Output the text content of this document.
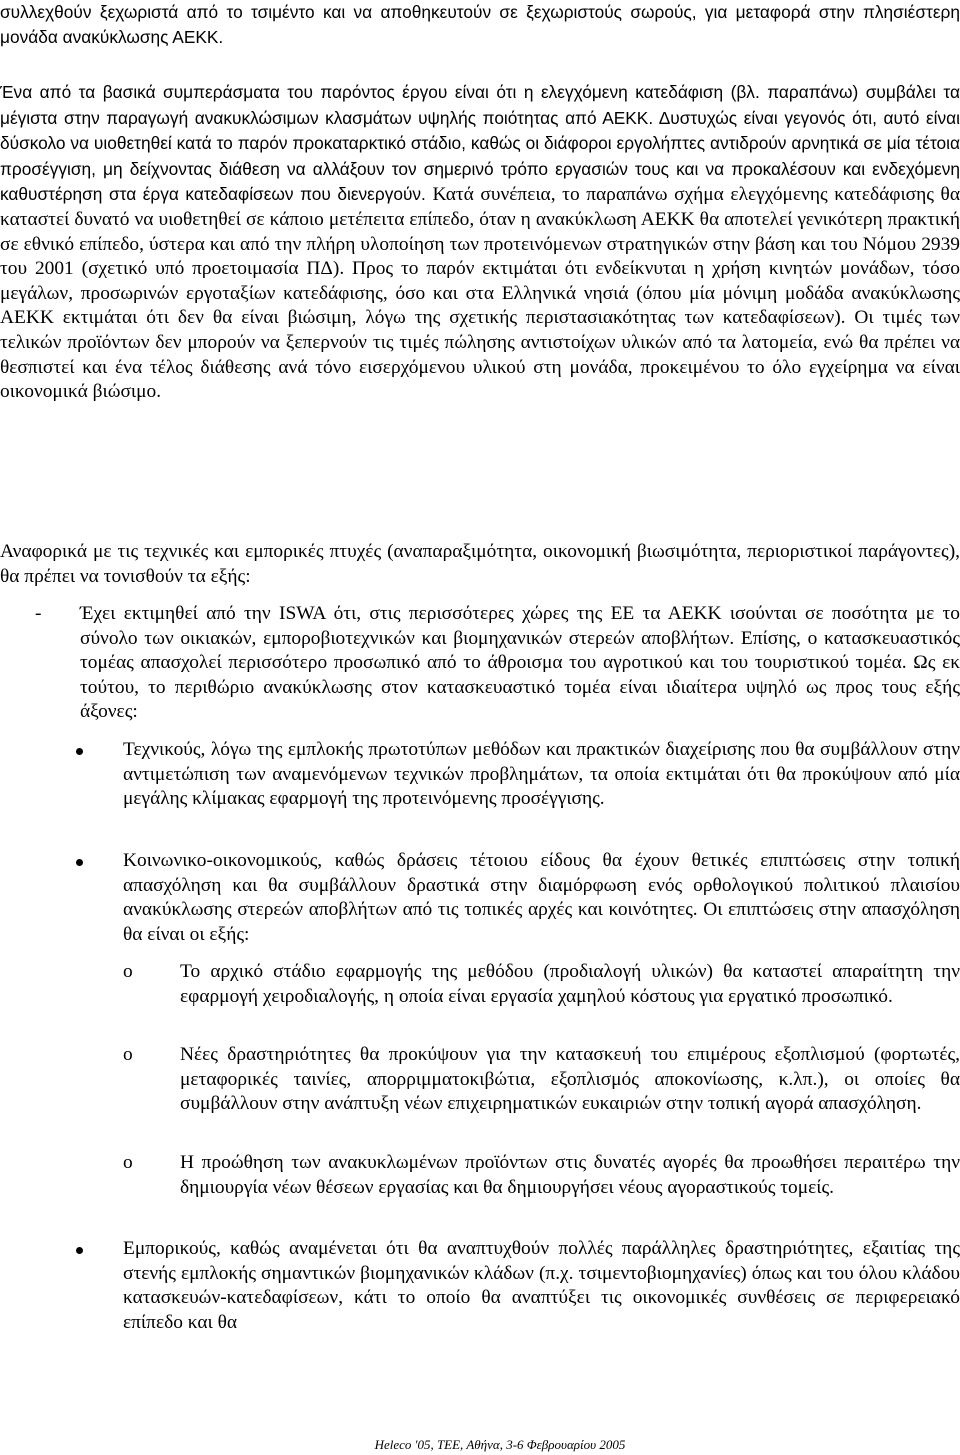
συλλεχθούν ξεχωριστά από το τσιμέντο και να αποθηκευτούν σε ξεχωριστούς σωρούς, για μεταφορά στην πλησιέστερη μονάδα ανακύκλωσης ΑΕΚΚ.
Ένα από τα βασικά συμπεράσματα του παρόντος έργου είναι ότι η ελεγχόμενη κατεδάφιση (βλ. παραπάνω) συμβάλει τα μέγιστα στην παραγωγή ανακυκλώσιμων κλασμάτων υψηλής ποιότητας από ΑΕΚΚ. Δυστυχώς είναι γεγονός ότι, αυτό είναι δύσκολο να υιοθετηθεί κατά το παρόν προκαταρκτικό στάδιο, καθώς οι διάφοροι εργολήπτες αντιδρούν αρνητικά σε μία τέτοια προσέγγιση, μη δείχνοντας διάθεση να αλλάξουν τον σημερινό τρόπο εργασιών τους και να προκαλέσουν και ενδεχόμενη καθυστέρηση στα έργα κατεδαφίσεων που διενεργούν. Κατά συνέπεια, το παραπάνω σχήμα ελεγχόμενης κατεδάφισης θα καταστεί δυνατό να υιοθετηθεί σε κάποιο μετέπειτα επίπεδο, όταν η ανακύκλωση ΑΕΚΚ θα αποτελεί γενικότερη πρακτική σε εθνικό επίπεδο, ύστερα και από την πλήρη υλοποίηση των προτεινόμενων στρατηγικών στην βάση και του Νόμου 2939 του 2001 (σχετικό υπό προετοιμασία ΠΔ). Προς το παρόν εκτιμάται ότι ενδείκνυται η χρήση κινητών μονάδων, τόσο μεγάλων, προσωρινών εργοταξίων κατεδάφισης, όσο και στα Ελληνικά νησιά (όπου μία μόνιμη μοδάδα ανακύκλωσης ΑΕΚΚ εκτιμάται ότι δεν θα είναι βιώσιμη, λόγω της σχετικής περιστασιακότητας των κατεδαφίσεων). Οι τιμές των τελικών προϊόντων δεν μπορούν να ξεπερνούν τις τιμές πώλησης αντιστοίχων υλικών από τα λατομεία, ενώ θα πρέπει να θεσπιστεί και ένα τέλος διάθεσης ανά τόνο εισερχόμενου υλικού στη μονάδα, προκειμένου το όλο εγχείρημα να είναι οικονομικά βιώσιμο.
Αναφορικά με τις τεχνικές και εμπορικές πτυχές (αναπαραξιμότητα, οικονομική βιωσιμότητα, περιοριστικοί παράγοντες), θα πρέπει να τονισθούν τα εξής:
- Έχει εκτιμηθεί από την ISWA ότι, στις περισσότερες χώρες της ΕΕ τα ΑΕΚΚ ισούνται σε ποσότητα με το σύνολο των οικιακών, εμπορoβιοτεχνικών και βιομηχανικών στερεών αποβλήτων. Επίσης, ο κατασκευαστικός τομέας απασχολεί περισσότερο προσωπικό από το άθροισμα του αγροτικού και του τουριστικού τομέα. Ως εκ τούτου, το περιθώριο ανακύκλωσης στον κατασκευαστικό τομέα είναι ιδιαίτερα υψηλό ως προς τους εξής άξονες:
Τεχνικούς, λόγω της εμπλοκής πρωτοτύπων μεθόδων και πρακτικών διαχείρισης που θα συμβάλλουν στην αντιμετώπιση των αναμενόμενων τεχνικών προβλημάτων, τα οποία εκτιμάται ότι θα προκύψουν από μία μεγάλης κλίμακας εφαρμογή της προτεινόμενης προσέγγισης.
Κοινωνικο-οικονομικούς, καθώς δράσεις τέτοιου είδους θα έχουν θετικές επιπτώσεις στην τοπική απασχόληση και θα συμβάλλουν δραστικά στην διαμόρφωση ενός ορθολογικού πολιτικού πλαισίου ανακύκλωσης στερεών αποβλήτων από τις τοπικές αρχές και κοινότητες. Οι επιπτώσεις στην απασχόληση θα είναι οι εξής:
o Το αρχικό στάδιο εφαρμογής της μεθόδου (προδιαλογή υλικών) θα καταστεί απαραίτητη την εφαρμογή χειροδιαλογής, η οποία είναι εργασία χαμηλού κόστους για εργατικό προσωπικό.
o Νέες δραστηριότητες θα προκύψουν για την κατασκευή του επιμέρους εξοπλισμού (φορτωτές, μεταφορικές ταινίες, απορριμματοκιβώτια, εξοπλισμός αποκονίωσης, κ.λπ.), οι οποίες θα συμβάλλουν στην ανάπτυξη νέων επιχειρηματικών ευκαιριών στην τοπική αγορά απασχόληση.
o Η προώθηση των ανακυκλωμένων προϊόντων στις δυνατές αγορές θα προωθήσει περαιτέρω την δημιουργία νέων θέσεων εργασίας και θα δημιουργήσει νέους αγοραστικούς τομείς.
Εμπορικούς, καθώς αναμένεται ότι θα αναπτυχθούν πολλές παράλληλες δραστηριότητες, εξαιτίας της στενής εμπλοκής σημαντικών βιομηχανικών κλάδων (π.χ. τσιμεντοβιομηχανίες) όπως και του όλου κλάδου κατασκευών-κατεδαφίσεων, κάτι το οποίο θα αναπτύξει τις οικονομικές συνθέσεις σε περιφερειακό επίπεδο και θα
Heleco '05, ΤΕΕ, Αθήνα, 3-6 Φεβρουαρίου 2005
